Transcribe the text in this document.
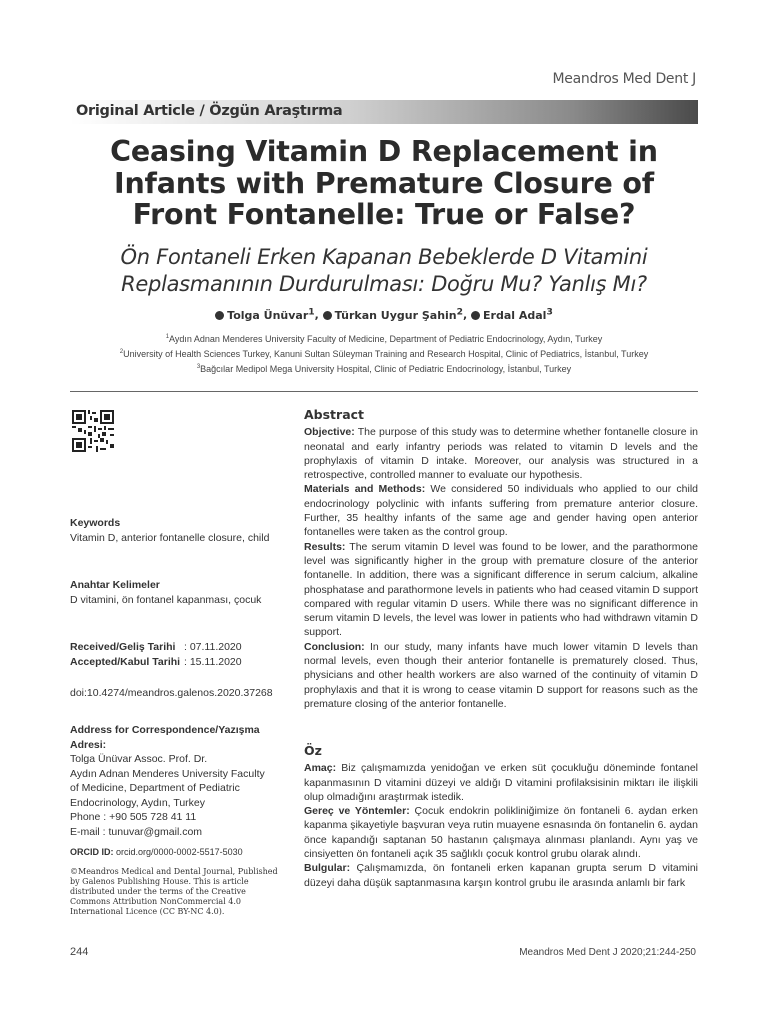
Meandros Med Dent J
Original Article / Özgün Araştırma
Ceasing Vitamin D Replacement in Infants with Premature Closure of Front Fontanelle: True or False?
Ön Fontaneli Erken Kapanan Bebeklerde D Vitamini Replasmanının Durdurulması: Doğru Mu? Yanlış Mı?
Tolga Ünüvar$^1$, Türkan Uygur Şahin$^2$, Erdal Adal$^3$
$^1$Aydın Adnan Menderes University Faculty of Medicine, Department of Pediatric Endocrinology, Aydın, Turkey
$^2$University of Health Sciences Turkey, Kanuni Sultan Süleyman Training and Research Hospital, Clinic of Pediatrics, İstanbul, Turkey
$^3$Bağcılar Medipol Mega University Hospital, Clinic of Pediatric Endocrinology, İstanbul, Turkey
Keywords
Vitamin D, anterior fontanelle closure, child
Anahtar Kelimeler
D vitamini, ön fontanel kapanması, çocuk
Received/Geliş Tarihi : 07.11.2020
Accepted/Kabul Tarihi : 15.11.2020
doi:10.4274/meandros.galenos.2020.37268
Address for Correspondence/Yazışma Adresi:
Tolga Ünüvar Assoc. Prof. Dr.
Aydın Adnan Menderes University Faculty
of Medicine, Department of Pediatric
Endocrinology, Aydın, Turkey
Phone : +90 505 728 41 11
E-mail : tunuvar@gmail.com
ORCID ID: orcid.org/0000-0002-5517-5030
©Meandros Medical and Dental Journal, Published by Galenos Publishing House. This is article distributed under the terms of the Creative Commons Attribution NonCommercial 4.0 International Licence (CC BY-NC 4.0).
Abstract

Objective: The purpose of this study was to determine whether fontanelle closure in neonatal and early infantry periods was related to vitamin D levels and the prophylaxis of vitamin D intake. Moreover, our analysis was structured in a retrospective, controlled manner to evaluate our hypothesis.

Materials and Methods: We considered 50 individuals who applied to our child endocrinology polyclinic with infants suffering from premature anterior closure. Further, 35 healthy infants of the same age and gender having open anterior fontanelles were taken as the control group.

Results: The serum vitamin D level was found to be lower, and the parathormone level was significantly higher in the group with premature closure of the anterior fontanelle. In addition, there was a significant difference in serum calcium, alkaline phosphatase and parathormone levels in patients who had ceased vitamin D support compared with regular vitamin D users. While there was no significant difference in serum vitamin D levels, the level was lower in patients who had withdrawn vitamin D support.

Conclusion: In our study, many infants have much lower vitamin D levels than normal levels, even though their anterior fontanelle is prematurely closed. Thus, physicians and other health workers are also warned of the continuity of vitamin D prophylaxis and that it is wrong to cease vitamin D support for reasons such as the premature closing of the anterior fontanelle.

Öz

Amaç: Biz çalışmamızda yenidoğan ve erken süt çocukluğu döneminde fontanel kapanmasının D vitamini düzeyi ve aldığı D vitamini profilaksisinin miktarı ile ilişkili olup olmadığını araştırmak istedik.

Gereç ve Yöntemler: Çocuk endokrin polikliniğimize ön fontaneli 6. aydan erken kapanma şikayetiyle başvuran veya rutin muayene esnasında ön fontanelin 6. aydan önce kapandığı saptanan 50 hastanın çalışmaya alınması planlandı. Aynı yaş ve cinsiyetten ön fontaneli açık 35 sağlıklı çocuk kontrol grubu olarak alındı.

Bulgular: Çalışmamızda, ön fontaneli erken kapanan grupta serum D vitamini düzeyi daha düşük saptanmasına karşın kontrol grubu ile arasında anlamlı bir fark

244	Meandros Med Dent J 2020;21:244-250
